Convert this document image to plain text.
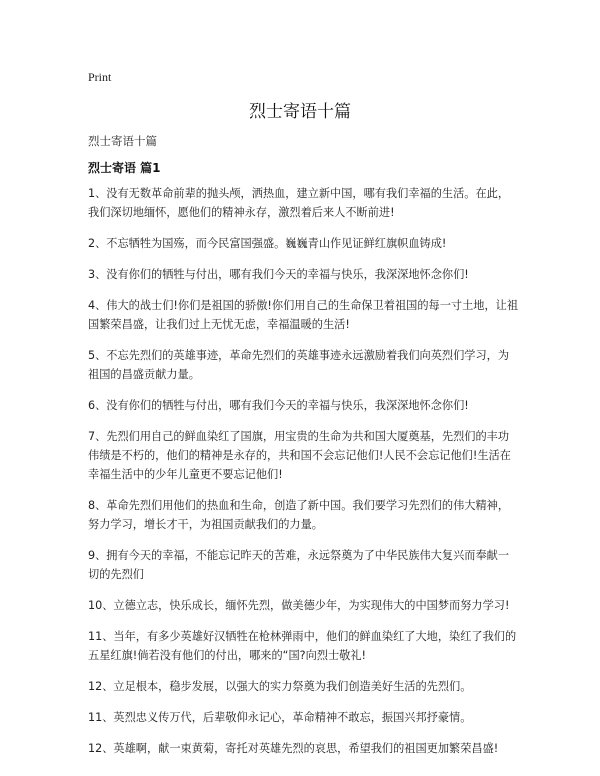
Print
烈士寄语十篇

烈士寄语十篇

烈士寄语 篇1

1、没有无数革命前辈的抛头颅，洒热血，建立新中国，哪有我们幸福的生活。在此，我们深切地缅怀，愿他们的精神永存，激烈着后来人不断前进!
2、不忘牺牲为国殇，而今民富国强盛。巍巍青山作见证鲜红旗帜血铸成!
3、没有你们的牺牲与付出，哪有我们今天的幸福与快乐，我深深地怀念你们!
4、伟大的战士们!你们是祖国的骄傲!你们用自己的生命保卫着祖国的每一寸土地，让祖国繁荣昌盛，让我们过上无忧无虑，幸福温暖的生活!
5、不忘先烈们的英雄事迹，革命先烈们的英雄事迹永远激励着我们向英烈们学习，为祖国的昌盛贡献力量。
6、没有你们的牺牲与付出，哪有我们今天的幸福与快乐，我深深地怀念你们!
7、先烈们用自己的鲜血染红了国旗，用宝贵的生命为共和国大厦奠基，先烈们的丰功伟绩是不朽的，他们的精神是永存的，共和国不会忘记他们!人民不会忘记他们!生活在幸福生活中的少年儿童更不要忘记他们!
8、革命先烈们用他们的热血和生命，创造了新中国。我们要学习先烈们的伟大精神，努力学习，增长才干，为祖国贡献我们的力量。
9、拥有今天的幸福，不能忘记昨天的苦难，永远祭奠为了中华民族伟大复兴而奉献一切的先烈们
10、立德立志，快乐成长，缅怀先烈，做美德少年，为实现伟大的中国梦而努力学习!
11、当年，有多少英雄好汉牺牲在枪林弹雨中，他们的鲜血染红了大地，染红了我们的五星红旗!倘若没有他们的付出，哪来的“国?向烈士敬礼!
12、立足根本，稳步发展，以强大的实力祭奠为我们创造美好生活的先烈们。
11、英烈忠义传万代，后辈敬仰永记心，革命精神不敢忘，振国兴邦抒豪情。
12、英雄啊，献一束黄菊，寄托对英雄先烈的哀思，希望我们的祖国更加繁荣昌盛!
